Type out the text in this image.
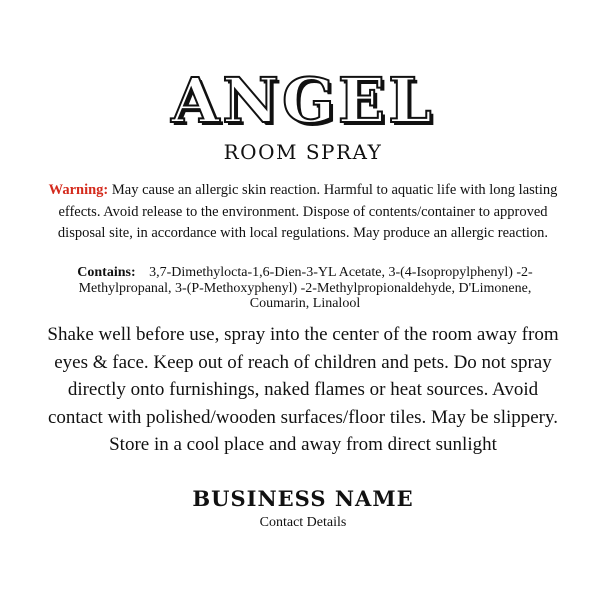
ANGEL
ROOM SPRAY
Warning: May cause an allergic skin reaction. Harmful to aquatic life with long lasting effects. Avoid release to the environment. Dispose of contents/container to approved disposal site, in accordance with local regulations. May produce an allergic reaction.
Contains: 3,7-Dimethylocta-1,6-Dien-3-YL Acetate, 3-(4-Isopropylphenyl) -2-Methylpropanal, 3-(P-Methoxyphenyl) -2-Methylpropionaldehyde, D'Limonene, Coumarin, Linalool
Shake well before use, spray into the center of the room away from eyes & face. Keep out of reach of children and pets. Do not spray directly onto furnishings, naked flames or heat sources. Avoid contact with polished/wooden surfaces/floor tiles. May be slippery. Store in a cool place and away from direct sunlight
BUSINESS NAME
Contact Details
